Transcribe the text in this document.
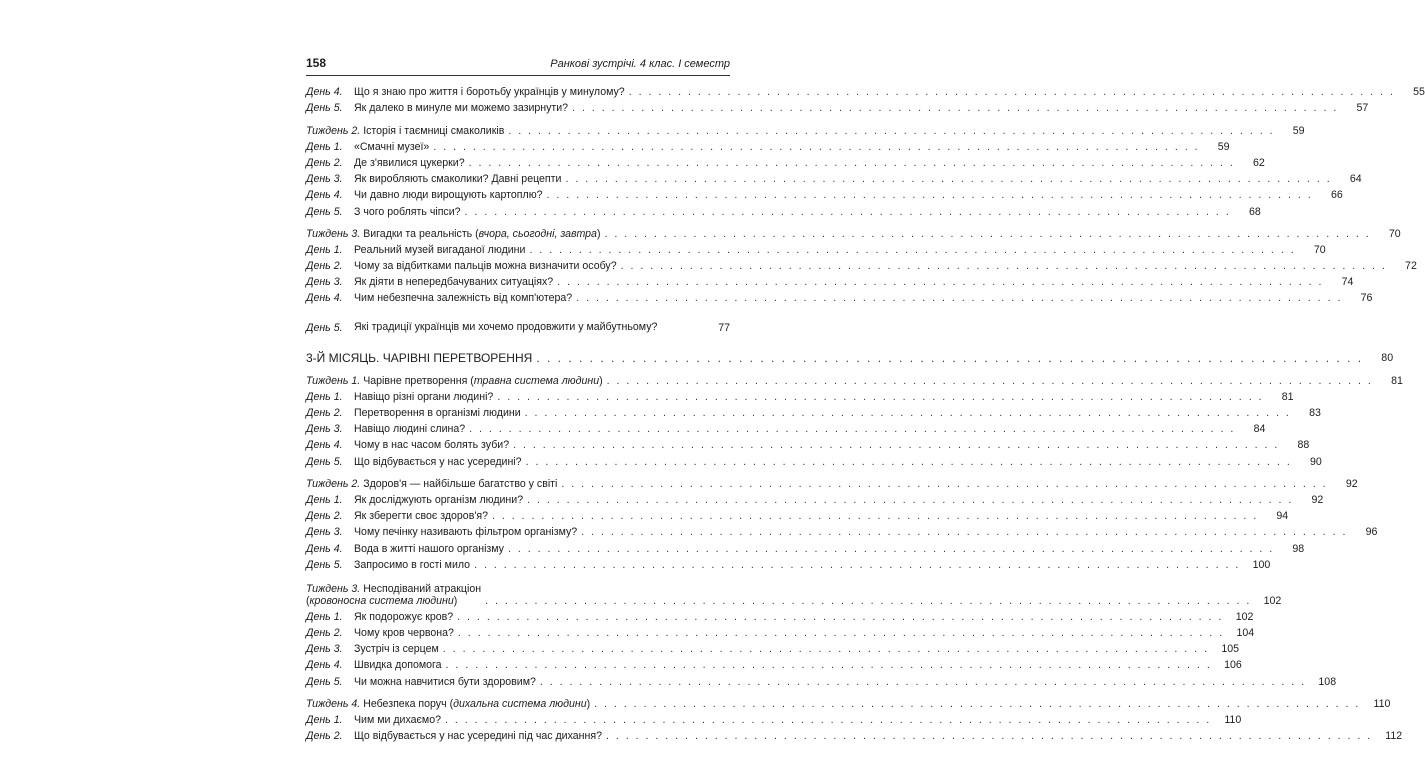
158	Ранкові зустрічі. 4 клас. І семестр
День 4.	Що я знаю про життя і боротьбу українців у минулому? . . .	55
День 5.	Як далеко в минуле ми можемо зазирнути? . . .	57
Тиждень 2. Історія і таємниці смаколиків . . .	59
День 1.	«Смачні музеї» . . .	59
День 2.	Де з'явилися цукерки? . . .	62
День 3.	Як виробляють смаколики? Давні рецепти . . .	64
День 4.	Чи давно люди вирощують картоплю? . . .	66
День 5.	З чого роблять чіпси? . . .	68
Тиждень 3. Вигадки та реальність (вчора, сьогодні, завтра) . . .	70
День 1.	Реальний музей вигаданої людини . . .	70
День 2.	Чому за відбитками пальців можна визначити особу? . . .	72
День 3.	Як діяти в непередбачуваних ситуаціях? . . .	74
День 4.	Чим небезпечна залежність від комп'ютера? . . .	76
День 5.	Які традиції українців ми хочемо продовжити у майбутньому?	77
3-Й МІСЯЦЬ. ЧАРІВНІ ПЕРЕТВОРЕННЯ . . .	80
Тиждень 1. Чарівне претворення (травна система людини) . . .	81
День 1.	Навіщо різні органи людині? . . .	81
День 2.	Перетворення в організмі людини . . .	83
День 3.	Навіщо людині слина? . . .	84
День 4.	Чому в нас часом болять зуби? . . .	88
День 5.	Що відбувається у нас усередині? . . .	90
Тиждень 2. Здоров'я — найбільше багатство у світі . . .	92
День 1.	Як досліджують організм людини? . . .	92
День 2.	Як зберегти своє здоров'я? . . .	94
День 3.	Чому печінку називають фільтром організму? . . .	96
День 4.	Вода в житті нашого організму . . .	98
День 5.	Запросимо в гості мило . . .	100
Тиждень 3. Несподіваний атракціон
(кровоносна система людини) . . .	102
День 1.	Як подорожує кров? . . .	102
День 2.	Чому кров червона? . . .	104
День 3.	Зустріч із серцем . . .	105
День 4.	Швидка допомога . . .	106
День 5.	Чи можна навчитися бути здоровим? . . .	108
Тиждень 4. Небезпека поруч (дихальна система людини) . . .	110
День 1.	Чим ми дихаємо? . . .	110
День 2.	Що відбувається у нас усередині під час дихання? . . .	112
